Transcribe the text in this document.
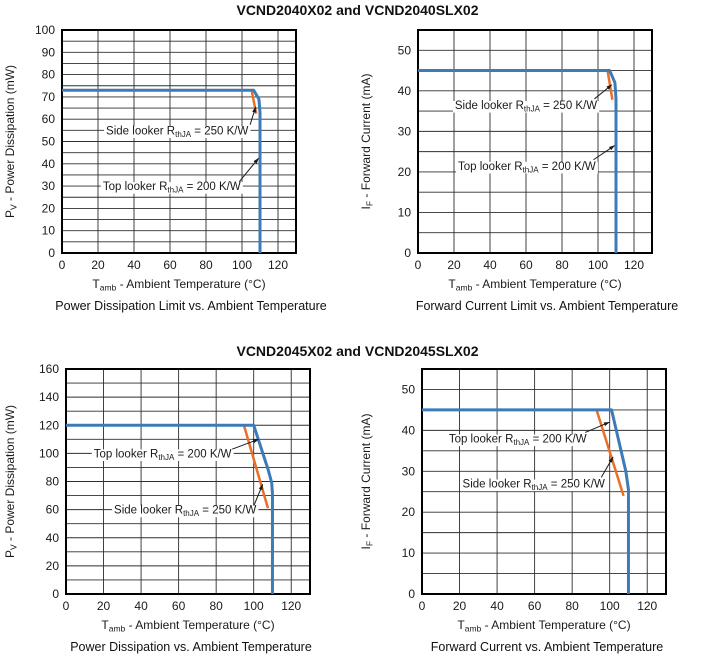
VCND2040X02 and VCND2040SLX02
Side looker $R_{thJA} = 250$ K/W
Top looker $R_{thJA} = 200$ K/W
0
10
20
30
40
50
60
70
80
90
100
0 20 40 60 80 100 120
$T_{amb}$ - Ambient Temperature (°C)
$P_V$ - Power Dissipation (mW)
Power Dissipation Limit vs. Ambient Temperature
Side looker $R_{thJA} = 250$ K/W
Top looker $R_{thJA} = 200$ K/W
0
10
20
30
40
50
0 20 40 60 80 100 120
$T_{amb}$ - Ambient Temperature (°C)
$I_F$ - Forward Current (mA)
Forward Current Limit vs. Ambient Temperature
VCND2045X02 and VCND2045SLX02
Top looker $R_{thJA} = 200$ K/W
Side looker $R_{thJA} = 250$ K/W
0
20
40
60
80
100
120
140
160
0 20 40 60 80 100 120
$T_{amb}$ - Ambient Temperature (°C)
$P_V$ - Power Dissipation (mW)
Power Dissipation vs. Ambient Temperature
Top looker $R_{thJA} = 200$ K/W
Side looker $R_{thJA} = 250$ K/W
0
10
20
30
40
50
0 20 40 60 80 100 120
$T_{amb}$ - Ambient Temperature (°C)
$I_F$ - Forward Current (mA)
Forward Current vs. Ambient Temperature
